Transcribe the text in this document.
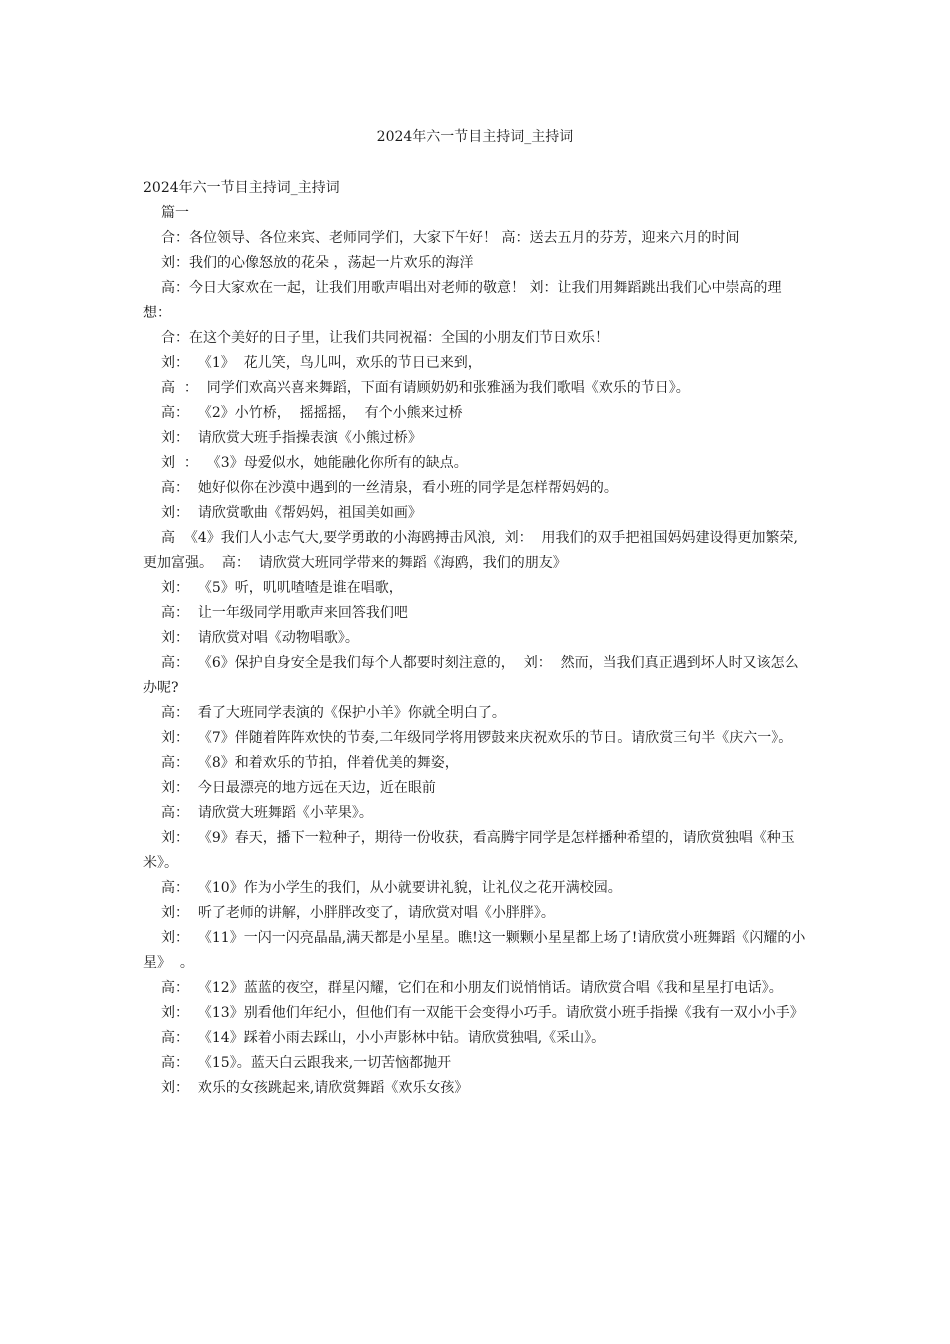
2024年六一节目主持词_主持词
2024年六一节目主持词_主持词

篇一

合：各位领导、各位来宾、老师同学们，大家下午好！ 高：送去五月的芬芳，迎来六月的时间

刘：我们的心像怒放的花朵 ，荡起一片欢乐的海洋

高：今日大家欢在一起，让我们用歌声唱出对老师的敬意！ 刘：让我们用舞蹈跳出我们心中崇高的理想：

合：在这个美好的日子里，让我们共同祝福：全国的小朋友们节日欢乐！

刘：  《1》  花儿笑，鸟儿叫，欢乐的节日已来到，

高  ：  同学们欢高兴喜来舞蹈，下面有请顾奶奶和张雅涵为我们歌唱《欢乐的节日》。

高：  《2》小竹桥，  摇摇摇，  有个小熊来过桥

刘：  请欣赏大班手指操表演《小熊过桥》

刘  ：  《3》母爱似水，她能融化你所有的缺点。

高：  她好似你在沙漠中遇到的一丝清泉，看小班的同学是怎样帮妈妈的。

刘：  请欣赏歌曲《帮妈妈，祖国美如画》

高  《4》我们人小志气大,要学勇敢的小海鸥搏击风浪,  刘：  用我们的双手把祖国妈妈建设得更加繁荣,更加富强。  高：  请欣赏大班同学带来的舞蹈《海鸥，我们的朋友》

刘：  《5》听，叽叽喳喳是谁在唱歌，

高：  让一年级同学用歌声来回答我们吧

刘：  请欣赏对唱《动物唱歌》。

高：  《6》保护自身安全是我们每个人都要时刻注意的，  刘：  然而，当我们真正遇到坏人时又该怎么办呢?

高：  看了大班同学表演的《保护小羊》你就全明白了。

刘：  《7》伴随着阵阵欢快的节奏,二年级同学将用锣鼓来庆祝欢乐的节日。请欣赏三句半《庆六一》。

高：  《8》和着欢乐的节拍，伴着优美的舞姿，

刘：  今日最漂亮的地方远在天边，近在眼前

高：  请欣赏大班舞蹈《小苹果》。

刘：  《9》春天，播下一粒种子，期待一份收获，看高腾宇同学是怎样播种希望的，请欣赏独唱《种玉米》。

高：  《10》作为小学生的我们，从小就要讲礼貌，让礼仪之花开满校园。

刘：  听了老师的讲解，小胖胖改变了，请欣赏对唱《小胖胖》。

刘：  《11》一闪一闪亮晶晶,满天都是小星星。瞧!这一颗颗小星星都上场了!请欣赏小班舞蹈《闪耀的小星》  。

高：  《12》蓝蓝的夜空，群星闪耀，它们在和小朋友们说悄悄话。请欣赏合唱《我和星星打电话》。

刘：  《13》别看他们年纪小，但他们有一双能干会变得小巧手。请欣赏小班手指操《我有一双小小手》

高：  《14》踩着小雨去踩山，小小声影林中钻。请欣赏独唱,《采山》。

高：  《15》。蓝天白云跟我来,一切苦恼都抛开

刘：  欢乐的女孩跳起来,请欣赏舞蹈《欢乐女孩》
